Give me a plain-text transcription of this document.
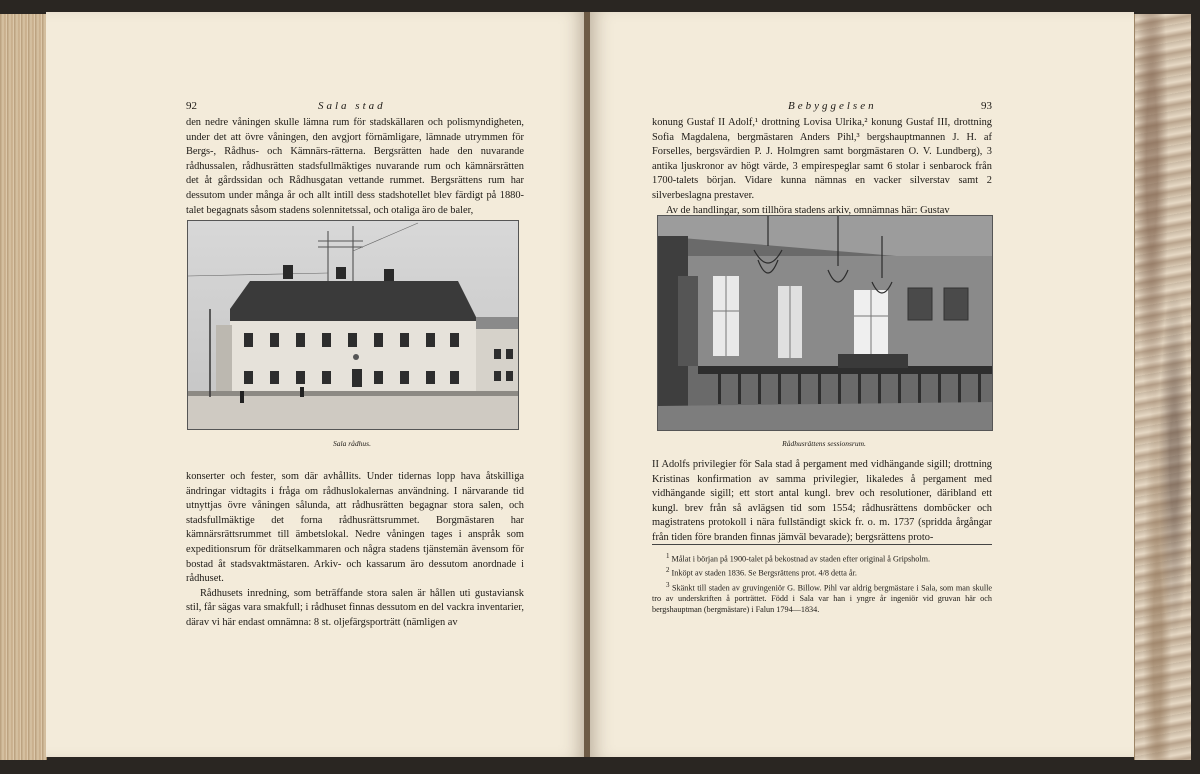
92	Sala stad

den nedre våningen skulle lämna rum för stadskällaren och polismyndigheten, under det att övre våningen, den avgjort förnämligare, lämnade utrymmen för Bergs-, Rådhus- och Kämnärs-rätterna. Bergsrätten hade den nuvarande rådhussalen, rådhusrätten stadsfullmäktiges nuvarande rum och kämnärsrätten det åt gårdssidan och Rådhusgatan vettande rummet. Bergsrättens rum har dessutom under många år och allt intill dess stadshotellet blev färdigt på 1880-talet begagnats såsom stadens solennitetssal, och otaliga äro de baler,

Sala rådhus.

konserter och fester, som där avhållits. Under tidernas lopp hava åtskilliga ändringar vidtagits i fråga om rådhuslokalernas användning. I närvarande tid utnyttjas övre våningen sålunda, att rådhusrätten begagnar stora salen, och stadsfullmäktige det forna rådhusrättsrummet. Borgmästaren har kämnärsrättsrummet till ämbetslokal. Nedre våningen tages i anspråk som expeditionsrum för drätselkammaren och några stadens tjänstemän ävensom för bostad åt stadsvaktmästaren. Arkiv- och kassarum äro dessutom anordnade i rådhuset.

Rådhusets inredning, som beträffande stora salen är hållen uti gustaviansk stil, får sägas vara smakfull; i rådhuset finnas dessutom en del vackra inventarier, därav vi här endast omnämna: 8 st. oljefärgsporträtt (nämligen av

Bebyggelsen	93

konung Gustaf II Adolf,¹ drottning Lovisa Ulrika,² konung Gustaf III, drottning Sofia Magdalena, bergmästaren Anders Pihl,³ bergshauptmannen J. H. af Forselles, bergsvärdien P. J. Holmgren samt borgmästaren O. V. Lundberg), 3 antika ljuskronor av högt värde, 3 empirespeglar samt 6 stolar i senbarock från 1700-talets början. Vidare kunna nämnas en vacker silverstav samt 2 silverbeslagna prestaver.

Av de handlingar, som tillhöra stadens arkiv, omnämnas här: Gustav

Rådhusrättens sessionsrum.

II Adolfs privilegier för Sala stad å pergament med vidhängande sigill; drottning Kristinas konfirmation av samma privilegier, likaledes å pergament med vidhängande sigill; ett stort antal kungl. brev och resolutioner, däribland ett kungl. brev från så avlägsen tid som 1554; rådhusrättens domböcker och magistratens protokoll i nära fullständigt skick fr. o. m. 1737 (spridda årgångar från tiden före branden finnas jämväl bevarade); bergsrättens proto-

1 Målat i början på 1900-talet på bekostnad av staden efter original å Gripsholm.

2 Inköpt av staden 1836. Se Bergsrättens prot. 4/8 detta år.

3 Skänkt till staden av gruvingeniör G. Billow. Pihl var aldrig bergmästare i Sala, som man skulle tro av underskriften å porträttet. Född i Sala var han i yngre år ingeniör vid gruvan här och bergshauptman (bergmästare) i Falun 1794—1834.
